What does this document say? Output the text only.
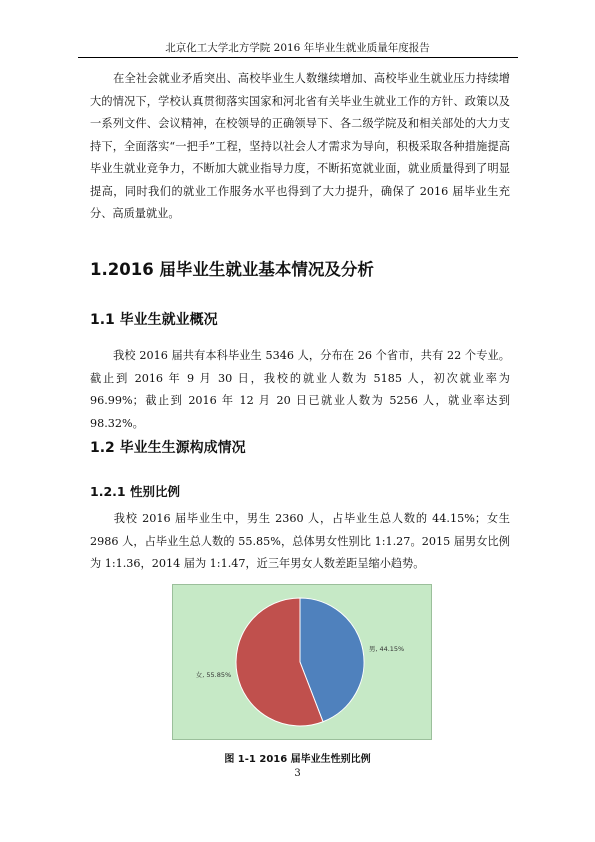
北京化工大学北方学院 2016 年毕业生就业质量年度报告

在全社会就业矛盾突出、高校毕业生人数继续增加、高校毕业生就业压力持续增大的情况下，学校认真贯彻落实国家和河北省有关毕业生就业工作的方针、政策以及一系列文件、会议精神，在校领导的正确领导下、各二级学院及和相关部处的大力支持下，全面落实“一把手”工程，坚持以社会人才需求为导向，积极采取各种措施提高毕业生就业竞争力，不断加大就业指导力度，不断拓宽就业面，就业质量得到了明显提高，同时我们的就业工作服务水平也得到了大力提升，确保了 2016 届毕业生充分、高质量就业。

1.2016 届毕业生就业基本情况及分析
1.1 毕业生就业概况

我校 2016 届共有本科毕业生 5346 人，分布在 26 个省市，共有 22 个专业。截止到 2016 年 9 月 30 日，我校的就业人数为 5185 人，初次就业率为 96.99%；截止到 2016 年 12 月 20 日已就业人数为 5256 人，就业率达到 98.32%。

1.2 毕业生生源构成情况
1.2.1 性别比例

我校 2016 届毕业生中，男生 2360 人，占毕业生总人数的 44.15%；女生 2986 人，占毕业生总人数的 55.85%，总体男女性别比 1:1.27。2015 届男女比例为 1:1.36，2014 届为 1:1.47，近三年男女人数差距呈缩小趋势。

男, 44.15%
女, 55.85%
图 1-1 2016 届毕业生性别比例
3
